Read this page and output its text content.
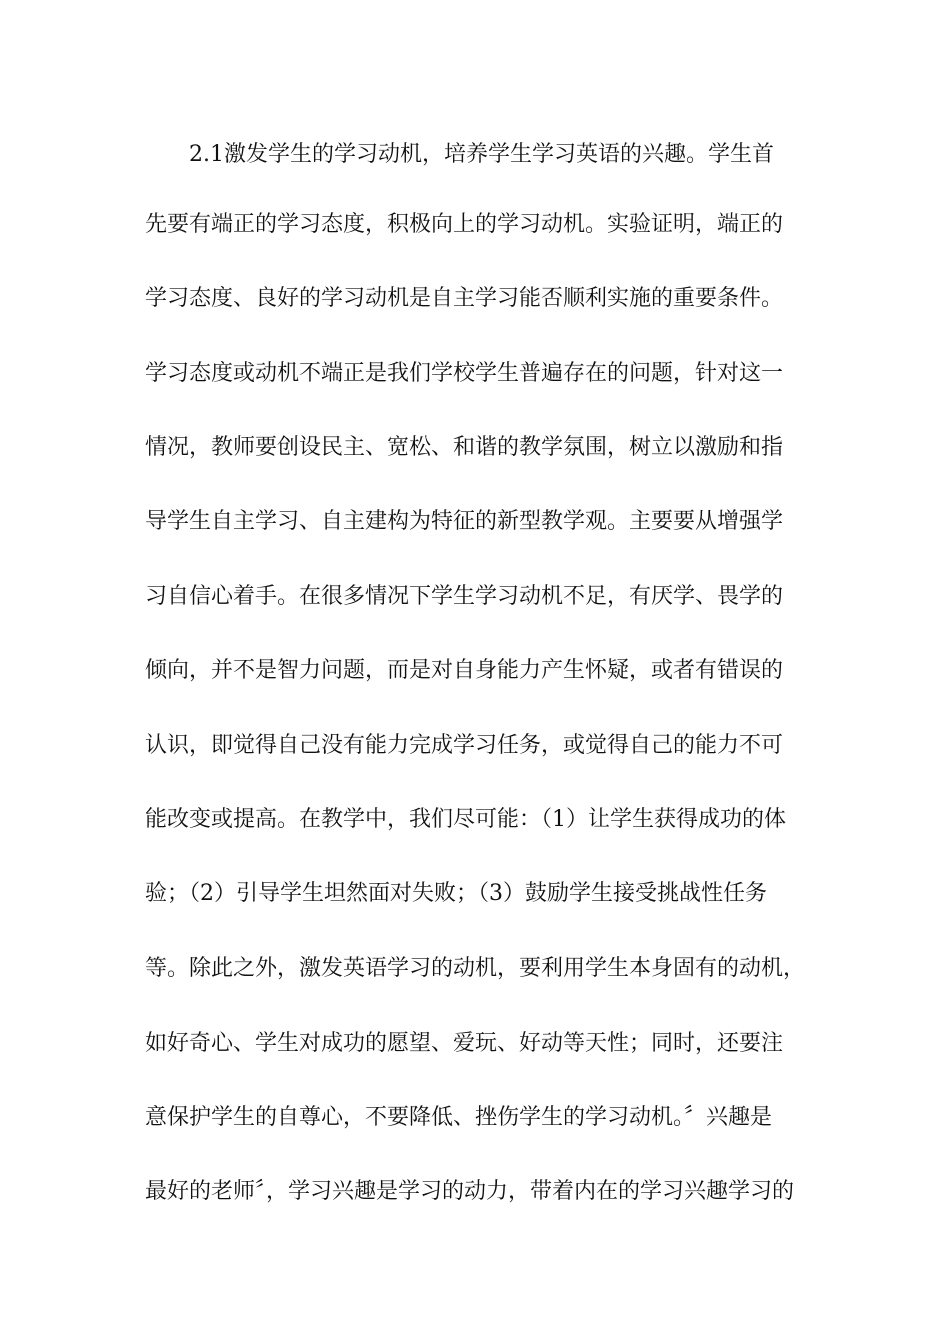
2.1激发学生的学习动机，培养学生学习英语的兴趣。学生首
先要有端正的学习态度，积极向上的学习动机。实验证明，端正的
学习态度、良好的学习动机是自主学习能否顺利实施的重要条件。
学习态度或动机不端正是我们学校学生普遍存在的问题，针对这一
情况，教师要创设民主、宽松、和谐的教学氛围，树立以激励和指
导学生自主学习、自主建构为特征的新型教学观。主要要从增强学
习自信心着手。在很多情况下学生学习动机不足，有厌学、畏学的
倾向，并不是智力问题，而是对自身能力产生怀疑，或者有错误的
认识，即觉得自己没有能力完成学习任务，或觉得自己的能力不可
能改变或提高。在教学中，我们尽可能：（1）让学生获得成功的体
验；（2）引导学生坦然面对失败；（3）鼓励学生接受挑战性任务
等。除此之外，激发英语学习的动机，要利用学生本身固有的动机，
如好奇心、学生对成功的愿望、爱玩、好动等天性；同时，还要注
意保护学生的自尊心，不要降低、挫伤学生的学习动机。〞兴趣是
最好的老师〞，学习兴趣是学习的动力，带着内在的学习兴趣学习的
